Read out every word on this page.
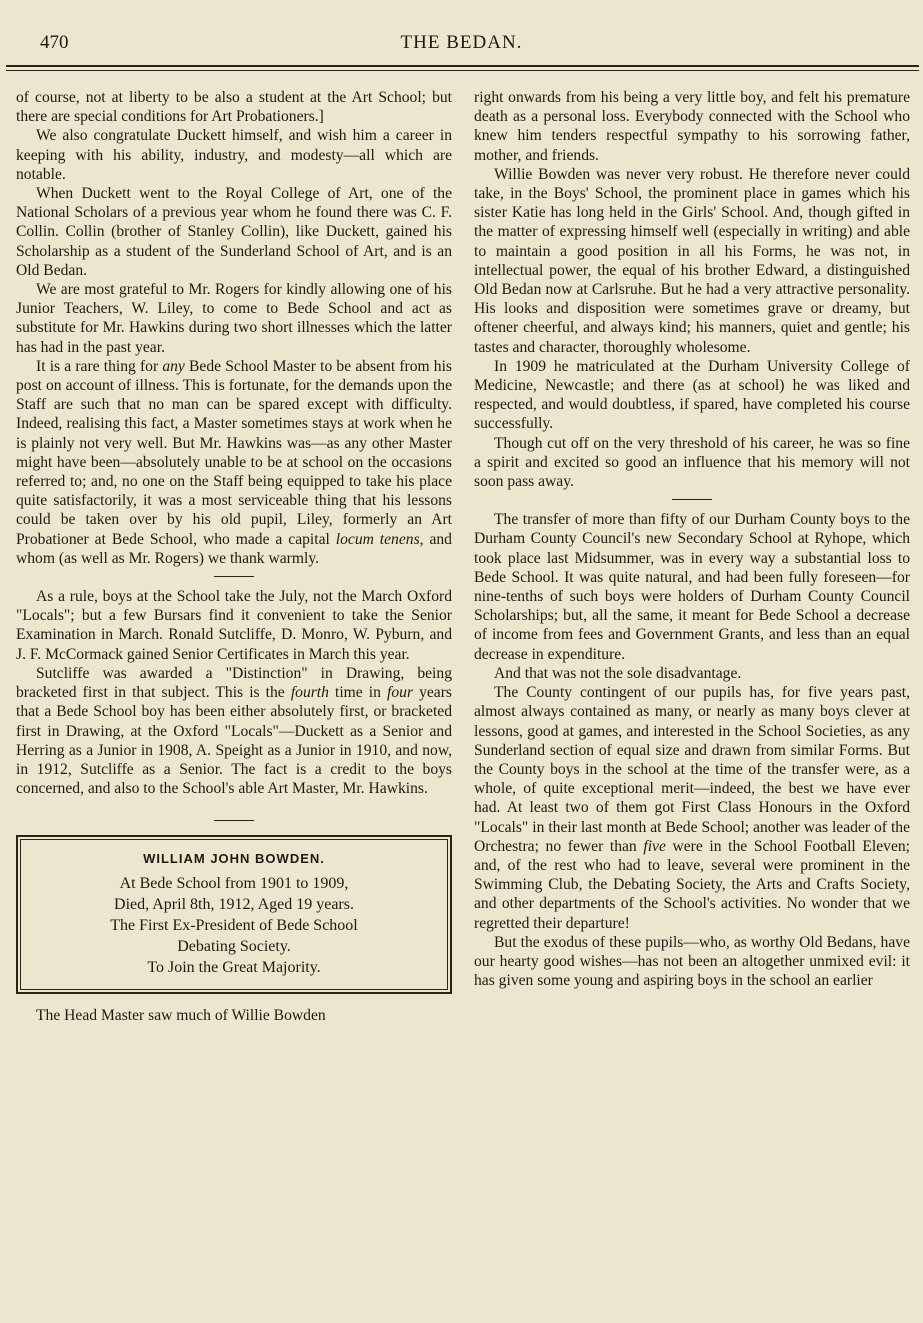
470	THE BEDAN.

of course, not at liberty to be also a student at the Art School; but there are special conditions for Art Probationers.]

We also congratulate Duckett himself, and wish him a career in keeping with his ability, industry, and modesty—all which are notable.

When Duckett went to the Royal College of Art, one of the National Scholars of a previous year whom he found there was C. F. Collin. Collin (brother of Stanley Collin), like Duckett, gained his Scholarship as a student of the Sunderland School of Art, and is an Old Bedan.

We are most grateful to Mr. Rogers for kindly allowing one of his Junior Teachers, W. Liley, to come to Bede School and act as substitute for Mr. Hawkins during two short illnesses which the latter has had in the past year.

It is a rare thing for any Bede School Master to be absent from his post on account of illness. This is fortunate, for the demands upon the Staff are such that no man can be spared except with difficulty. Indeed, realising this fact, a Master sometimes stays at work when he is plainly not very well. But Mr. Hawkins was—as any other Master might have been—absolutely unable to be at school on the occasions referred to; and, no one on the Staff being equipped to take his place quite satisfactorily, it was a most serviceable thing that his lessons could be taken over by his old pupil, Liley, formerly an Art Probationer at Bede School, who made a capital locum tenens, and whom (as well as Mr. Rogers) we thank warmly.

As a rule, boys at the School take the July, not the March Oxford "Locals"; but a few Bursars find it convenient to take the Senior Examination in March. Ronald Sutcliffe, D. Monro, W. Pyburn, and J. F. McCormack gained Senior Certificates in March this year.

Sutcliffe was awarded a "Distinction" in Drawing, being bracketed first in that subject. This is the fourth time in four years that a Bede School boy has been either absolutely first, or bracketed first in Drawing, at the Oxford "Locals"—Duckett as a Senior and Herring as a Junior in 1908, A. Speight as a Junior in 1910, and now, in 1912, Sutcliffe as a Senior. The fact is a credit to the boys concerned, and also to the School's able Art Master, Mr. Hawkins.

WILLIAM JOHN BOWDEN.
At Bede School from 1901 to 1909,
Died, April 8th, 1912, Aged 19 years.
The First Ex-President of Bede School
Debating Society.
To Join the Great Majority.

The Head Master saw much of Willie Bowden

right onwards from his being a very little boy, and felt his premature death as a personal loss. Everybody connected with the School who knew him tenders respectful sympathy to his sorrowing father, mother, and friends.

Willie Bowden was never very robust. He therefore never could take, in the Boys' School, the prominent place in games which his sister Katie has long held in the Girls' School. And, though gifted in the matter of expressing himself well (especially in writing) and able to maintain a good position in all his Forms, he was not, in intellectual power, the equal of his brother Edward, a distinguished Old Bedan now at Carlsruhe. But he had a very attractive personality. His looks and disposition were sometimes grave or dreamy, but oftener cheerful, and always kind; his manners, quiet and gentle; his tastes and character, thoroughly wholesome.

In 1909 he matriculated at the Durham University College of Medicine, Newcastle; and there (as at school) he was liked and respected, and would doubtless, if spared, have completed his course successfully.

Though cut off on the very threshold of his career, he was so fine a spirit and excited so good an influence that his memory will not soon pass away.

The transfer of more than fifty of our Durham County boys to the Durham County Council's new Secondary School at Ryhope, which took place last Midsummer, was in every way a substantial loss to Bede School. It was quite natural, and had been fully foreseen—for nine-tenths of such boys were holders of Durham County Council Scholarships; but, all the same, it meant for Bede School a decrease of income from fees and Government Grants, and less than an equal decrease in expenditure.

And that was not the sole disadvantage.

The County contingent of our pupils has, for five years past, almost always contained as many, or nearly as many boys clever at lessons, good at games, and interested in the School Societies, as any Sunderland section of equal size and drawn from similar Forms. But the County boys in the school at the time of the transfer were, as a whole, of quite exceptional merit—indeed, the best we have ever had. At least two of them got First Class Honours in the Oxford "Locals" in their last month at Bede School; another was leader of the Orchestra; no fewer than five were in the School Football Eleven; and, of the rest who had to leave, several were prominent in the Swimming Club, the Debating Society, the Arts and Crafts Society, and other departments of the School's activities. No wonder that we regretted their departure!

But the exodus of these pupils—who, as worthy Old Bedans, have our hearty good wishes—has not been an altogether unmixed evil: it has given some young and aspiring boys in the school an earlier
